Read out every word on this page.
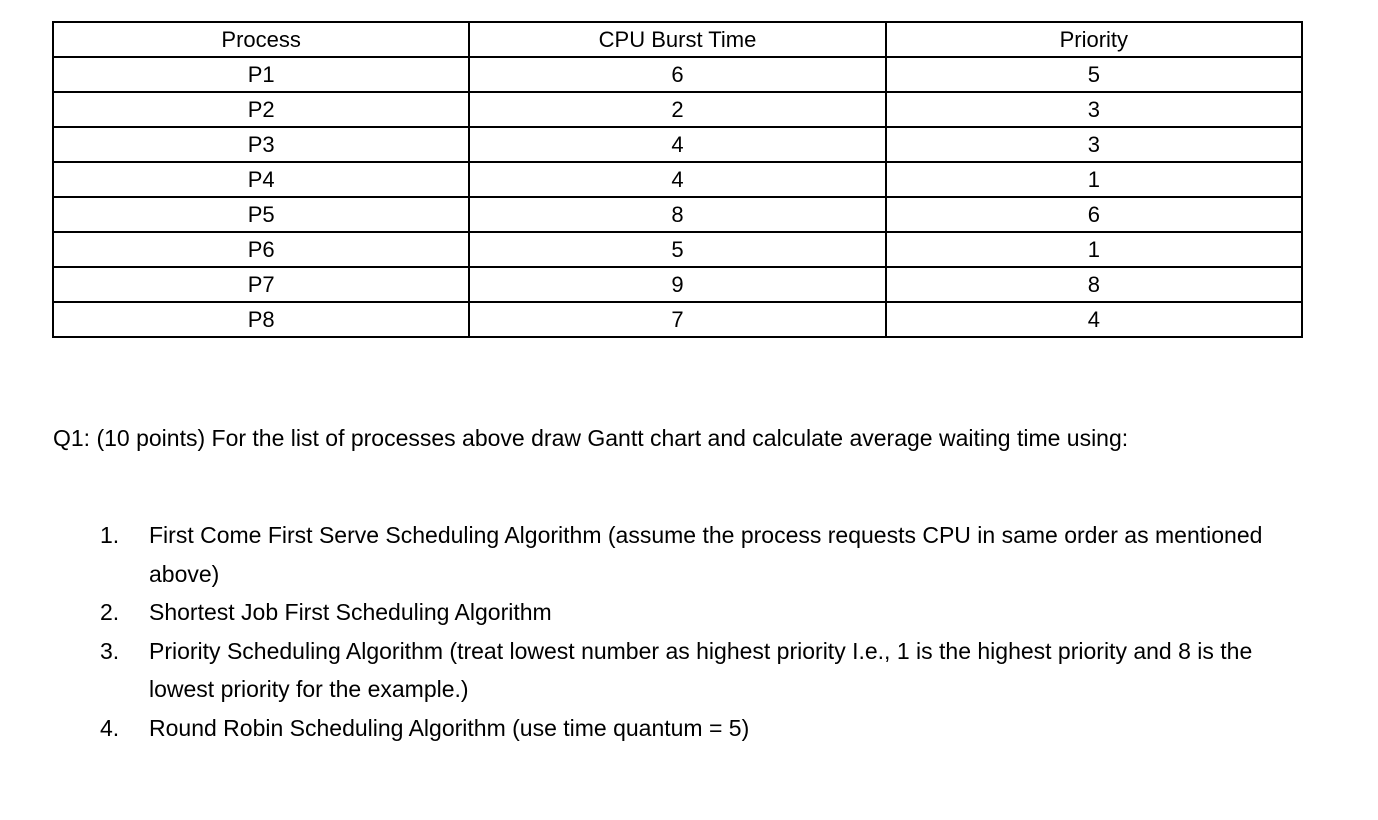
Process	CPU Burst Time	Priority
P1	6	5
P2	2	3
P3	4	3
P4	4	1
P5	8	6
P6	5	1
P7	9	8
P8	7	4

Q1: (10 points) For the list of processes above draw Gantt chart and calculate average waiting time using:

1. First Come First Serve Scheduling Algorithm (assume the process requests CPU in same order as mentioned above)
2. Shortest Job First Scheduling Algorithm
3. Priority Scheduling Algorithm (treat lowest number as highest priority I.e., 1 is the highest priority and 8 is the lowest priority for the example.)
4. Round Robin Scheduling Algorithm (use time quantum = 5)
